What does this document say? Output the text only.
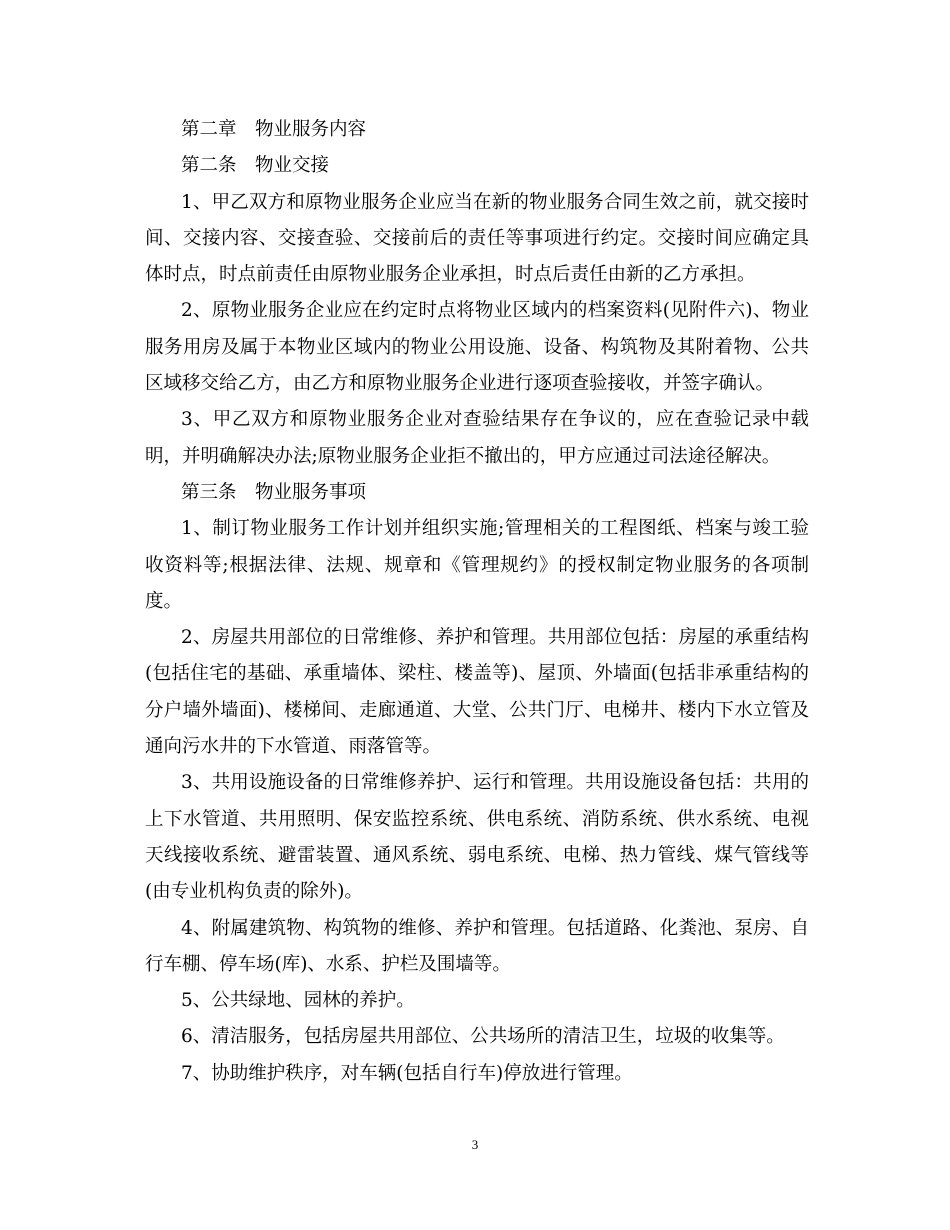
第二章　物业服务内容

第二条　物业交接

1、甲乙双方和原物业服务企业应当在新的物业服务合同生效之前，就交接时间、交接内容、交接查验、交接前后的责任等事项进行约定。交接时间应确定具体时点，时点前责任由原物业服务企业承担，时点后责任由新的乙方承担。

2、原物业服务企业应在约定时点将物业区域内的档案资料(见附件六)、物业服务用房及属于本物业区域内的物业公用设施、设备、构筑物及其附着物、公共区域移交给乙方，由乙方和原物业服务企业进行逐项查验接收，并签字确认。

3、甲乙双方和原物业服务企业对查验结果存在争议的，应在查验记录中载明，并明确解决办法;原物业服务企业拒不撤出的，甲方应通过司法途径解决。

第三条　物业服务事项

1、制订物业服务工作计划并组织实施;管理相关的工程图纸、档案与竣工验收资料等;根据法律、法规、规章和《管理规约》的授权制定物业服务的各项制度。

2、房屋共用部位的日常维修、养护和管理。共用部位包括：房屋的承重结构(包括住宅的基础、承重墙体、梁柱、楼盖等)、屋顶、外墙面(包括非承重结构的分户墙外墙面)、楼梯间、走廊通道、大堂、公共门厅、电梯井、楼内下水立管及通向污水井的下水管道、雨落管等。

3、共用设施设备的日常维修养护、运行和管理。共用设施设备包括：共用的上下水管道、共用照明、保安监控系统、供电系统、消防系统、供水系统、电视天线接收系统、避雷装置、通风系统、弱电系统、电梯、热力管线、煤气管线等(由专业机构负责的除外)。

4、附属建筑物、构筑物的维修、养护和管理。包括道路、化粪池、泵房、自行车棚、停车场(库)、水系、护栏及围墙等。

5、公共绿地、园林的养护。

6、清洁服务，包括房屋共用部位、公共场所的清洁卫生，垃圾的收集等。

7、协助维护秩序，对车辆(包括自行车)停放进行管理。

3
